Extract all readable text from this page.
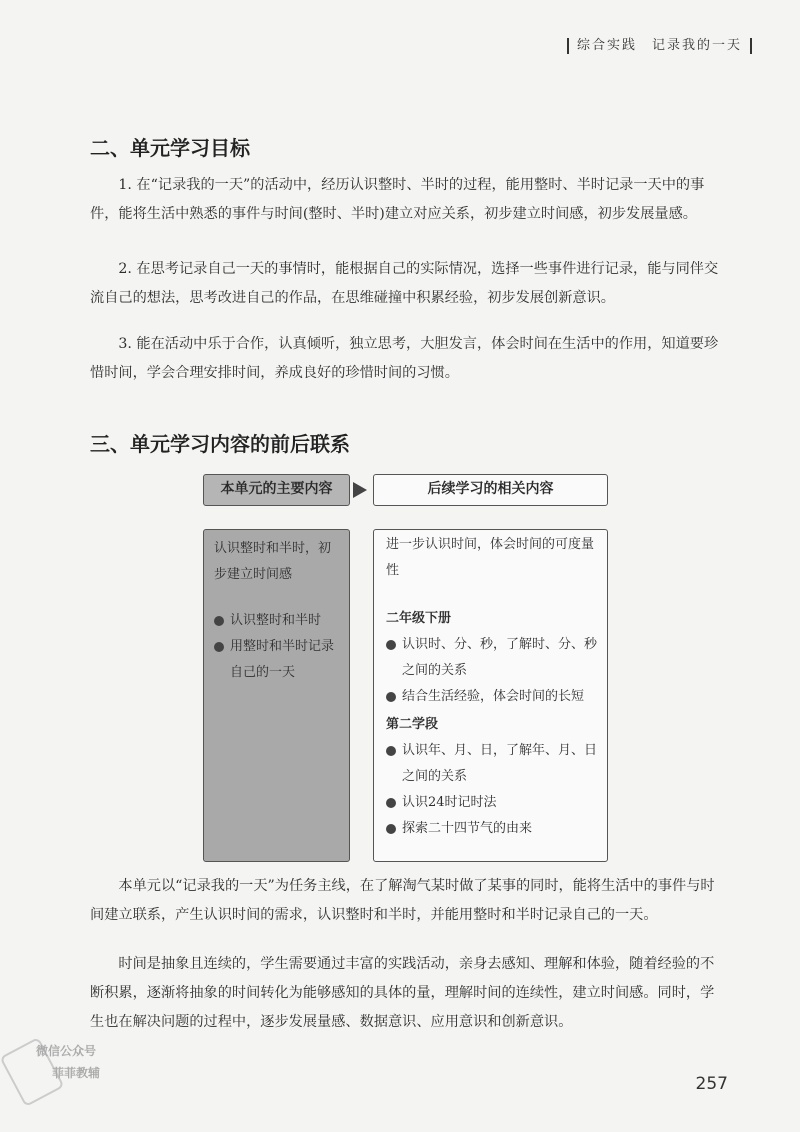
综合实践　记录我的一天
二、单元学习目标

1. 在“记录我的一天”的活动中，经历认识整时、半时的过程，能用整时、半时记录一天中的事件，能将生活中熟悉的事件与时间(整时、半时)建立对应关系，初步建立时间感，初步发展量感。

2. 在思考记录自己一天的事情时，能根据自己的实际情况，选择一些事件进行记录，能与同伴交流自己的想法，思考改进自己的作品，在思维碰撞中积累经验，初步发展创新意识。

3. 能在活动中乐于合作，认真倾听，独立思考，大胆发言，体会时间在生活中的作用，知道要珍惜时间，学会合理安排时间，养成良好的珍惜时间的习惯。

三、单元学习内容的前后联系
本单元的主要内容	后续学习的相关内容

认识整时和半时，初步建立时间感

认识整时和半时
用整时和半时记录自己的一天

进一步认识时间，体会时间的可度量性

二年级下册

认识时、分、秒，了解时、分、秒之间的关系
结合生活经验，体会时间的长短

第二学段

认识年、月、日，了解年、月、日之间的关系
认识24时记时法
探索二十四节气的由来

本单元以“记录我的一天”为任务主线，在了解淘气某时做了某事的同时，能将生活中的事件与时间建立联系，产生认识时间的需求，认识整时和半时，并能用整时和半时记录自己的一天。

时间是抽象且连续的，学生需要通过丰富的实践活动，亲身去感知、理解和体验，随着经验的不断积累，逐渐将抽象的时间转化为能够感知的具体的量，理解时间的连续性，建立时间感。同时，学生也在解决问题的过程中，逐步发展量感、数据意识、应用意识和创新意识。

微信公众号
菲菲教辅
257
